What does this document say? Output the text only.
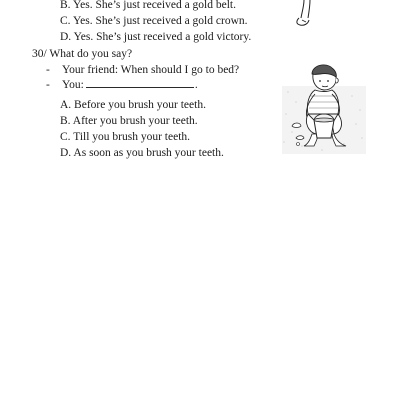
B. Yes. She’s just received a gold belt.
C. Yes. She’s just received a gold crown.
D. Yes. She’s just received a gold victory.
30/ What do you say?
- Your friend: When should I go to bed?
- You:	.
A. Before you brush your teeth.
B. After you brush your teeth.
C. Till you brush your teeth.
D. As soon as you brush your teeth.
